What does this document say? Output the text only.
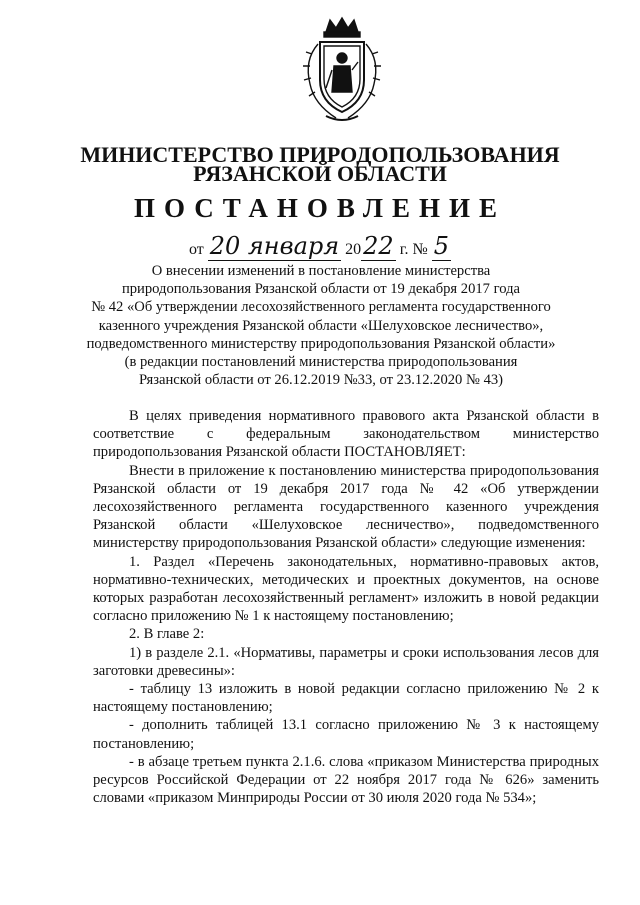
МИНИСТЕРСТВО ПРИРОДОПОЛЬЗОВАНИЯ
РЯЗАНСКОЙ ОБЛАСТИ
ПОСТАНОВЛЕНИЕ
от 20 января 2022 г. № 5
О внесении изменений в постановление министерства
природопользования Рязанской области от 19 декабря 2017 года
№ 42 «Об утверждении лесохозяйственного регламента государственного
казенного учреждения Рязанской области «Шелуховское лесничество»,
подведомственного министерству природопользования Рязанской области»
(в редакции постановлений министерства природопользования
Рязанской области от 26.12.2019 №33, от 23.12.2020 № 43)

В целях приведения нормативного правового акта Рязанской области в соответствие с федеральным законодательством министерство природопользования Рязанской области ПОСТАНОВЛЯЕТ:

Внести в приложение к постановлению министерства природопользования Рязанской области от 19 декабря 2017 года № 42 «Об утверждении лесохозяйственного регламента государственного казенного учреждения Рязанской области «Шелуховское лесничество», подведомственного министерству природопользования Рязанской области» следующие изменения:

1. Раздел «Перечень законодательных, нормативно-правовых актов, нормативно-технических, методических и проектных документов, на основе которых разработан лесохозяйственный регламент» изложить в новой редакции согласно приложению № 1 к настоящему постановлению;

2. В главе 2:

1) в разделе 2.1. «Нормативы, параметры и сроки использования лесов для заготовки древесины»:

- таблицу 13 изложить в новой редакции согласно приложению № 2 к настоящему постановлению;

- дополнить таблицей 13.1 согласно приложению № 3 к настоящему постановлению;

- в абзаце третьем пункта 2.1.6. слова «приказом Министерства природных ресурсов Российской Федерации от 22 ноября 2017 года № 626» заменить словами «приказом Минприроды России от 30 июля 2020 года № 534»;
